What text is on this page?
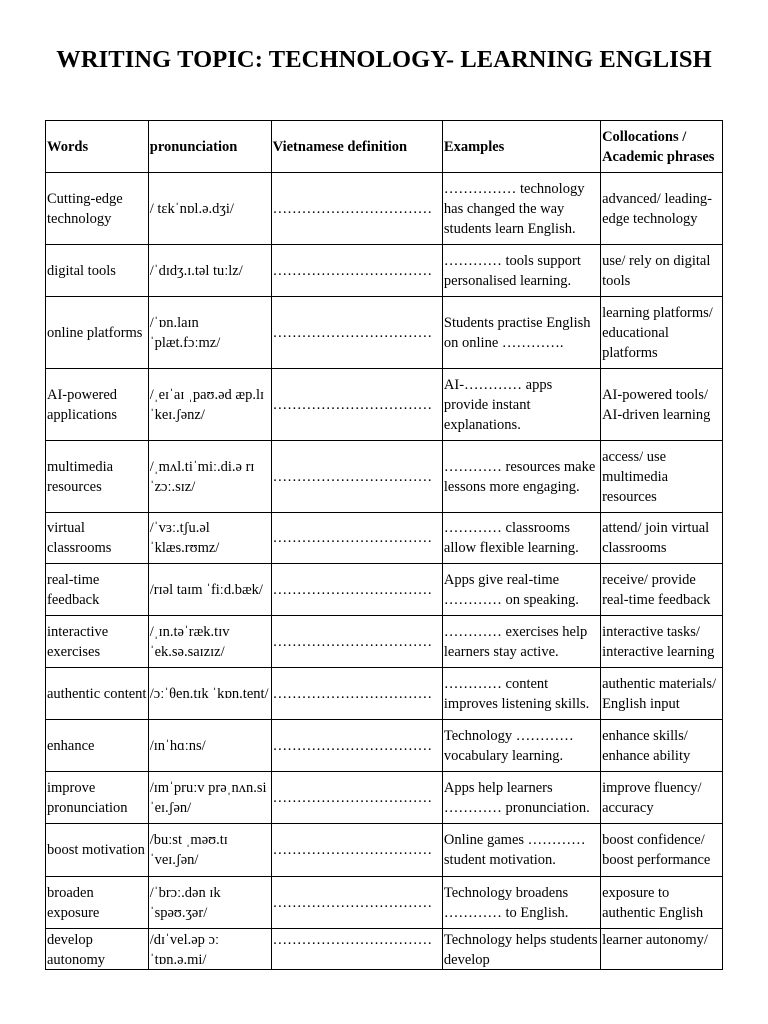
WRITING TOPIC: TECHNOLOGY- LEARNING ENGLISH
Words	pronunciation	Vietnamese definition	Examples	Collocations / Academic phrases
Cutting-edge technology	/ tɛkˈnɒl.ə.dʒi/	……………………………	…………… technology has changed the way students learn English.	advanced/ leading-edge technology
digital tools	/ˈdɪdʒ.ɪ.təl tuːlz/	……………………………	………… tools support personalised learning.	use/ rely on digital tools
online platforms	/ˈɒn.laɪn ˈplæt.fɔːmz/	……………………………	Students practise English on online ………….	learning platforms/ educational platforms
AI-powered applications	/ˌeɪˈaɪ ˌpaʊ.əd æp.lɪˈkeɪ.ʃənz/	……………………………	AI-………… apps provide instant explanations.	AI-powered tools/ AI-driven learning
multimedia resources	/ˌmʌl.tiˈmiː.di.ə rɪˈzɔː.sɪz/	……………………………	………… resources make lessons more engaging.	access/ use multimedia resources
virtual classrooms	/ˈvɜː.tʃu.əl ˈklæs.rʊmz/	……………………………	………… classrooms allow flexible learning.	attend/ join virtual classrooms
real-time feedback	/rɪəl taɪm ˈfiːd.bæk/	……………………………	Apps give real-time ………… on speaking.	receive/ provide real-time feedback
interactive exercises	/ˌɪn.təˈræk.tɪv ˈek.sə.saɪzɪz/	……………………………	………… exercises help learners stay active.	interactive tasks/ interactive learning
authentic content	/ɔːˈθen.tɪk ˈkɒn.tent/	……………………………	………… content improves listening skills.	authentic materials/ English input
enhance	/ɪnˈhɑːns/	……………………………	Technology ………… vocabulary learning.	enhance skills/ enhance ability
improve pronunciation	/ɪmˈpruːv prəˌnʌn.siˈeɪ.ʃən/	……………………………	Apps help learners ………… pronunciation.	improve fluency/ accuracy
boost motivation	/buːst ˌməʊ.tɪˈveɪ.ʃən/	……………………………	Online games ………… student motivation.	boost confidence/ boost performance
broaden exposure	/ˈbrɔː.dən ɪkˈspəʊ.ʒər/	……………………………	Technology broadens ………… to English.	exposure to authentic English

develop autonomy	/dɪˈvel.əp ɔːˈtɒn.ə.mi/	……………………………	Technology helps students develop	learner autonomy/
